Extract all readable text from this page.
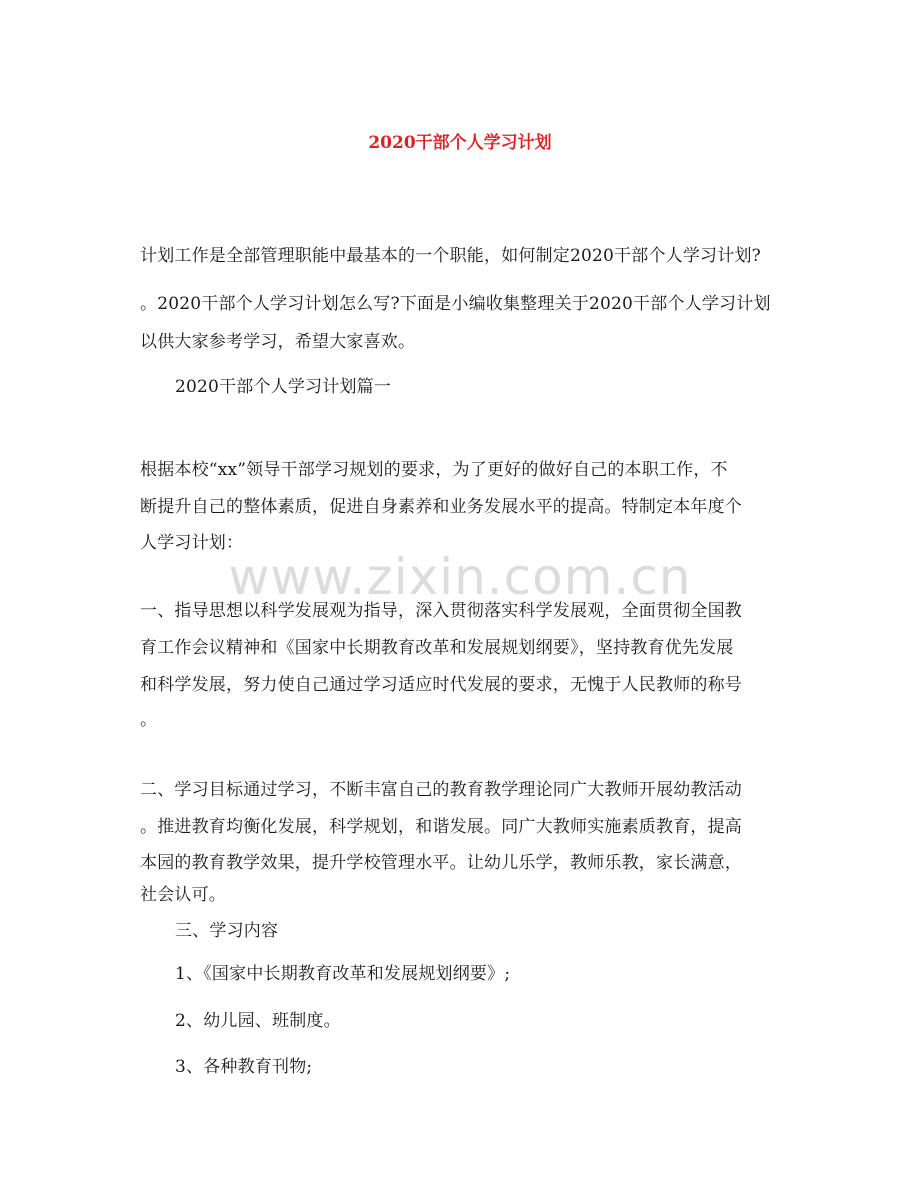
www.zixin.com.cn
2020干部个人学习计划
计划工作是全部管理职能中最基本的一个职能，如何制定2020干部个人学习计划?
。2020干部个人学习计划怎么写?下面是小编收集整理关于2020干部个人学习计划
以供大家参考学习，希望大家喜欢。
2020干部个人学习计划篇一
根据本校“xx”领导干部学习规划的要求，为了更好的做好自己的本职工作，不
断提升自己的整体素质，促进自身素养和业务发展水平的提高。特制定本年度个
人学习计划：
一、指导思想以科学发展观为指导，深入贯彻落实科学发展观，全面贯彻全国教
育工作会议精神和《国家中长期教育改革和发展规划纲要》，坚持教育优先发展
和科学发展，努力使自己通过学习适应时代发展的要求，无愧于人民教师的称号
。
二、学习目标通过学习，不断丰富自己的教育教学理论同广大教师开展幼教活动
。推进教育均衡化发展，科学规划，和谐发展。同广大教师实施素质教育，提高
本园的教育教学效果，提升学校管理水平。让幼儿乐学，教师乐教，家长满意，
社会认可。
三、学习内容
1、《国家中长期教育改革和发展规划纲要》;
2、幼儿园、班制度。
3、各种教育刊物;
